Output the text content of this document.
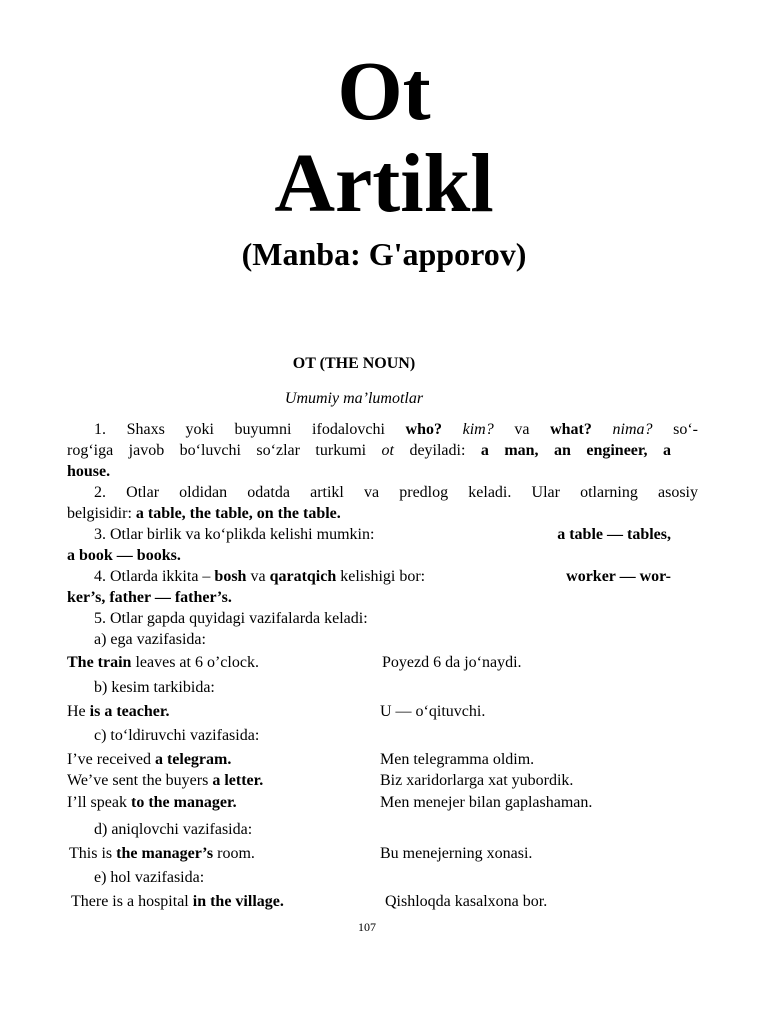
Ot
Artikl
(Manba: G'apporov)
OT (THE NOUN)
Umumiy ma’lumotlar
1. Shaxs yoki buyumni ifodalovchi who? kim? va what? nima? so‘-
rog‘iga javob bo‘luvchi so‘zlar turkumi ot deyiladi: a man, an engineer, a
house.
2. Otlar oldidan odatda artikl va predlog keladi. Ular otlarning asosiy
belgisidir: a table, the table, on the table.
3. Otlar birlik va ko‘plikda kelishi mumkin:	a table — tables,
a book — books.
4. Otlarda ikkita – bosh va qaratqich kelishigi bor:	worker — wor-
ker’s, father — father’s.
5. Otlar gapda quyidagi vazifalarda keladi:
a) ega vazifasida:
The train leaves at 6 o’clock.	Poyezd 6 da jo‘naydi.
b) kesim tarkibida:
He is a teacher.	U — o‘qituvchi.
c) to‘ldiruvchi vazifasida:
I’ve received a telegram.	Men telegramma oldim.
We’ve sent the buyers a letter.	Biz xaridorlarga xat yubordik.
I’ll speak to the manager.	Men menejer bilan gaplashaman.
d) aniqlovchi vazifasida:
This is the manager’s room.	Bu menejerning xonasi.
e) hol vazifasida:
There is a hospital in the village.	Qishloqda kasalxona bor.
107
